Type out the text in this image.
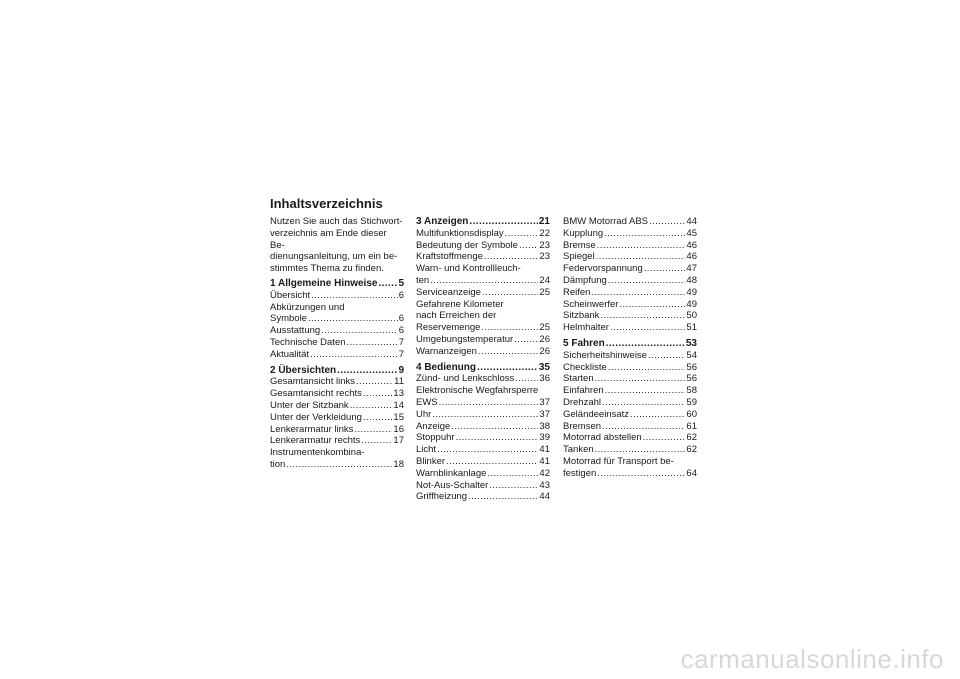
Inhaltsverzeichnis
Nutzen Sie auch das Stichwort-
verzeichnis am Ende dieser Be-
dienungsanleitung, um ein be-
stimmtes Thema zu finden.
1 Allgemeine Hinweise ..... 5
Übersicht .....	6
Abkürzungen und
Symbole .....	6
Ausstattung .....	6
Technische Daten .....	7
Aktualität .....	7
2 Übersichten .....	9
Gesamtansicht links .....	11
Gesamtansicht rechts .....	13
Unter der Sitzbank .....	14
Unter der Verkleidung .....	15
Lenkerarmatur links .....	16
Lenkerarmatur rechts .....	17
Instrumentenkombina-
tion .....	18
3 Anzeigen .....	21
Multifunktionsdisplay .....	22
Bedeutung der Symbole ..... 23
Kraftstoffmenge .....	23
Warn- und Kontrollleuch-
ten .....	24
Serviceanzeige .....	25
Gefahrene Kilometer
nach Erreichen der
Reservemenge .....	25
Umgebungstemperatur .....	26
Warnanzeigen .....	26
4 Bedienung .....	35
Zünd- und Lenkschloss .....	36
Elektronische Wegfahrsperre
EWS .....	37
Uhr .....	37
Anzeige .....	38
Stoppuhr .....	39
Licht .....	41
Blinker .....	41
Warnblinkanlage .....	42
Not-Aus-Schalter .....	43
Griffheizung .....	44
BMW Motorrad ABS .....	44
Kupplung .....	45
Bremse .....	46
Spiegel .....	46
Federvorspannung .....	47
Dämpfung .....	48
Reifen .....	49
Scheinwerfer .....	49
Sitzbank .....	50
Helmhalter .....	51
5 Fahren .....	53
Sicherheitshinweise .....	54
Checkliste .....	56
Starten .....	56
Einfahren .....	58
Drehzahl .....	59
Geländeeinsatz .....	60
Bremsen .....	61
Motorrad abstellen .....	62
Tanken .....	62
Motorrad für Transport be-
festigen .....	64
carmanualsonline.info
